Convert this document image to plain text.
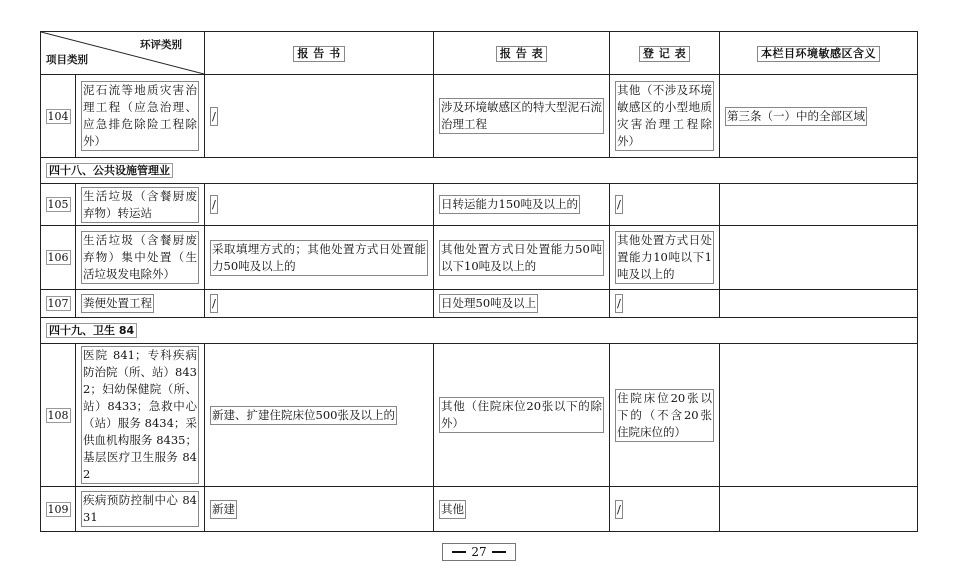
环评类别
项目类别		报 告 书	报 告 表	登 记 表	本栏目环境敏感区含义
104	泥石流等地质灾害治理工程（应急治理、应急排危除险工程除外）	/	涉及环境敏感区的特大型泥石流治理工程	其他（不涉及环境敏感区的小型地质灾害治理工程除外）	第三条（一）中的全部区域
四十八、公共设施管理业					
105	生活垃圾（含餐厨废弃物）转运站	/	日转运能力150吨及以上的	/	
106	生活垃圾（含餐厨废弃物）集中处置（生活垃圾发电除外）	采取填埋方式的；其他处置方式日处置能力50吨及以上的	其他处置方式日处置能力50吨以下10吨及以上的	其他处置方式日处置能力10吨以下1吨及以上的	

107	粪便处置工程	/	日处理50吨及以上	/	
四十九、卫生 84					
108	医院 841；专科疾病防治院（所、站）8432；妇幼保健院（所、站）8433；急救中心（站）服务 8434；采供血机构服务 8435；基层医疗卫生服务 842	新建、扩建住院床位500张及以上的	其他（住院床位20张以下的除外）	住院床位20张以下的（不含20张住院床位的）	

109	疾病预防控制中心 8431	新建	其他	/	
27
